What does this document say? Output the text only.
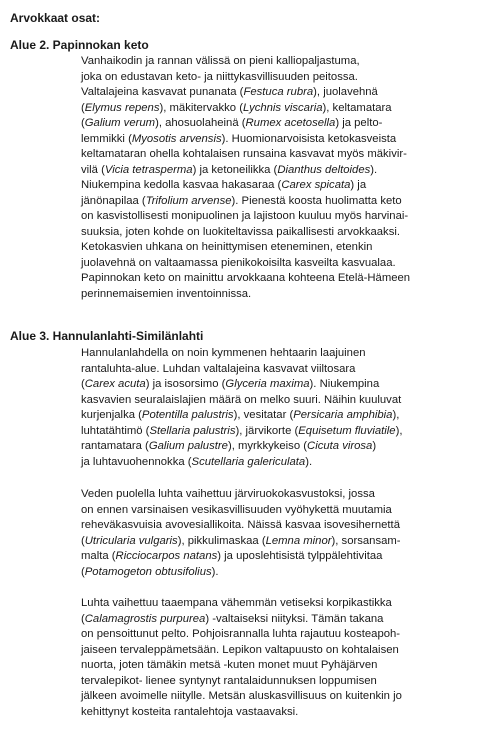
Arvokkaat osat:
Alue 2. Papinnokan keto
Vanhaikodin ja rannan välissä on pieni kalliopaljastuma,
joka on edustavan keto- ja niittykasvillisuuden peitossa.
Valtalajeina kasvavat punanata (Festuca rubra), juolavehnä
(Elymus repens), mäkitervakko (Lychnis viscaria), keltamatara
(Galium verum), ahosuolaheinä (Rumex acetosella) ja pelto-
lemmikki (Myosotis arvensis). Huomionarvoisista ketokasveista
keltamataran ohella kohtalaisen runsaina kasvavat myös mäkivir-
vilä (Vicia tetrasperma) ja ketoneilikka (Dianthus deltoides).
Niukempina kedolla kasvaa hakasaraa (Carex spicata) ja
jänönapilaa (Trifolium arvense). Pienestä koosta huolimatta keto
on kasvistollisesti monipuolinen ja lajistoon kuuluu myös harvinai-
suuksia, joten kohde on luokiteltavissa paikallisesti arvokkaaksi.
Ketokasvien uhkana on heinittymisen eteneminen, etenkin
juolavehnä on valtaamassa pienikokoisilta kasveilta kasvualaa.
Papinnokan keto on mainittu arvokkaana kohteena Etelä-Hämeen
perinnemaisemien inventoinnissa.
Alue 3. Hannulanlahti-Similänlahti
Hannulanlahdella on noin kymmenen hehtaarin laajuinen
rantaluhta-alue. Luhdan valtalajeina kasvavat viiltosara
(Carex acuta) ja isosorsimo (Glyceria maxima). Niukempina
kasvavien seuralaislajien määrä on melko suuri. Näihin kuuluvat
kurjenjalka (Potentilla palustris), vesitatar (Persicaria amphibia),
luhtatähtimö (Stellaria palustris), järvikorte (Equisetum fluviatile),
rantamatara (Galium palustre), myrkkykeiso (Cicuta virosa)
ja luhtavuohennokka (Scutellaria galericulata).
Veden puolella luhta vaihettuu järviruokokasvustoksi, jossa
on ennen varsinaisen vesikasvillisuuden vyöhykettä muutamia
reheväkasvuisia avovesiallikoita. Näissä kasvaa isovesihernettä
(Utricularia vulgaris), pikkulimaskaa (Lemna minor), sorsansam-
malta (Ricciocarpos natans) ja uposlehtisistä tylppälehtivitaa
(Potamogeton obtusifolius).
Luhta vaihettuu taaempana vähemmän vetiseksi korpikastikka
(Calamagrostis purpurea) -valtaiseksi niityksi. Tämän takana
on pensoittunut pelto. Pohjoisrannalla luhta rajautuu kosteapoh-
jaiseen tervaleppämetsään. Lepikon valtapuusto on kohtalaisen
nuorta, joten tämäkin metsä -kuten monet muut Pyhäjärven
tervalepikot- lienee syntynyt rantalaidunnuksen loppumisen
jälkeen avoimelle niitylle. Metsän aluskasvillisuus on kuitenkin jo
kehittynyt kosteita rantalehtoja vastaavaksi.
